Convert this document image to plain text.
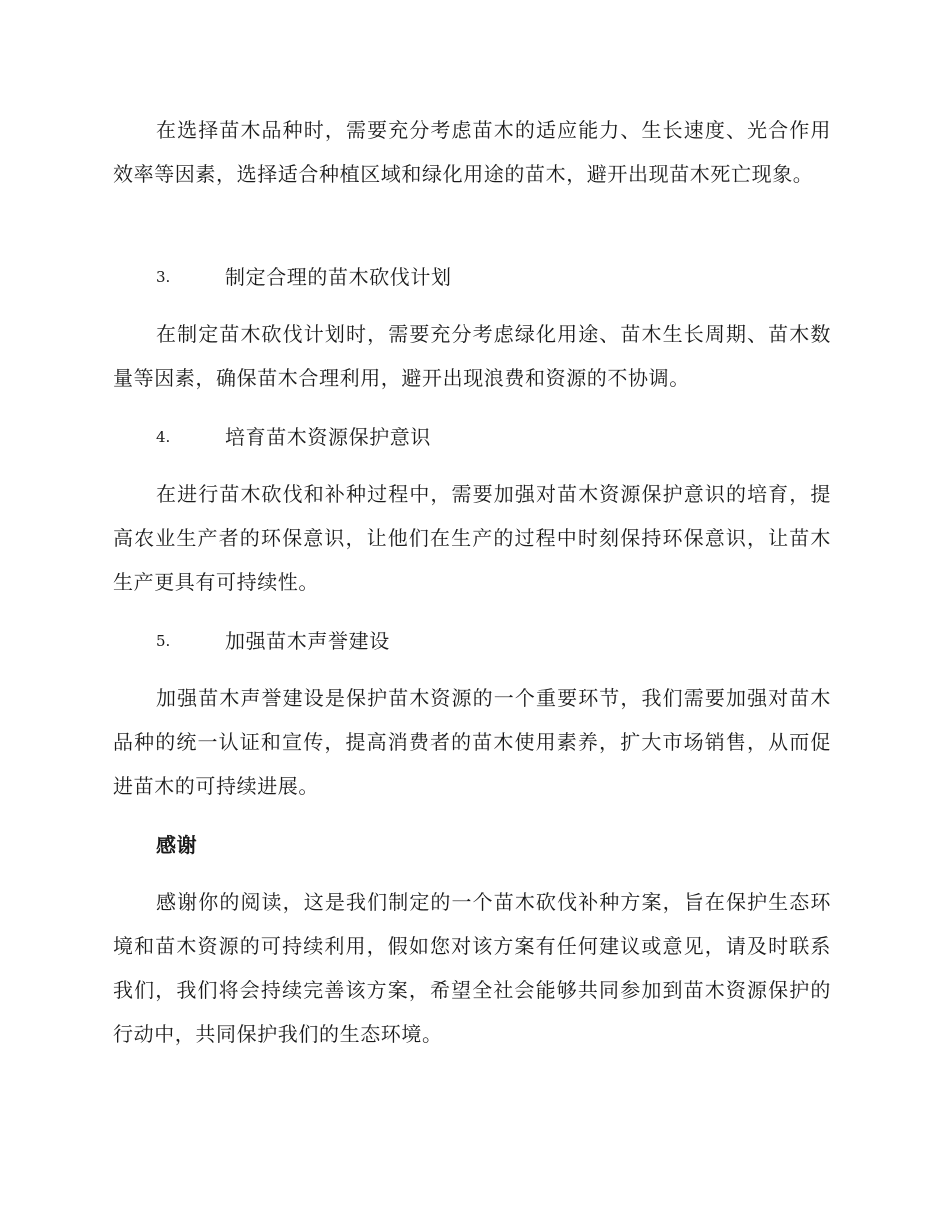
在选择苗木品种时，需要充分考虑苗木的适应能力、生长速度、光合作用效率等因素，选择适合种植区域和绿化用途的苗木，避开出现苗木死亡现象。

3.	制定合理的苗木砍伐计划

在制定苗木砍伐计划时，需要充分考虑绿化用途、苗木生长周期、苗木数量等因素，确保苗木合理利用，避开出现浪费和资源的不协调。

4.	培育苗木资源保护意识

在进行苗木砍伐和补种过程中，需要加强对苗木资源保护意识的培育，提高农业生产者的环保意识，让他们在生产的过程中时刻保持环保意识，让苗木生产更具有可持续性。

5.	加强苗木声誉建设

加强苗木声誉建设是保护苗木资源的一个重要环节，我们需要加强对苗木品种的统一认证和宣传，提高消费者的苗木使用素养，扩大市场销售，从而促进苗木的可持续进展。

感谢

感谢你的阅读，这是我们制定的一个苗木砍伐补种方案，旨在保护生态环境和苗木资源的可持续利用，假如您对该方案有任何建议或意见，请及时联系我们，我们将会持续完善该方案，希望全社会能够共同参加到苗木资源保护的行动中，共同保护我们的生态环境。
